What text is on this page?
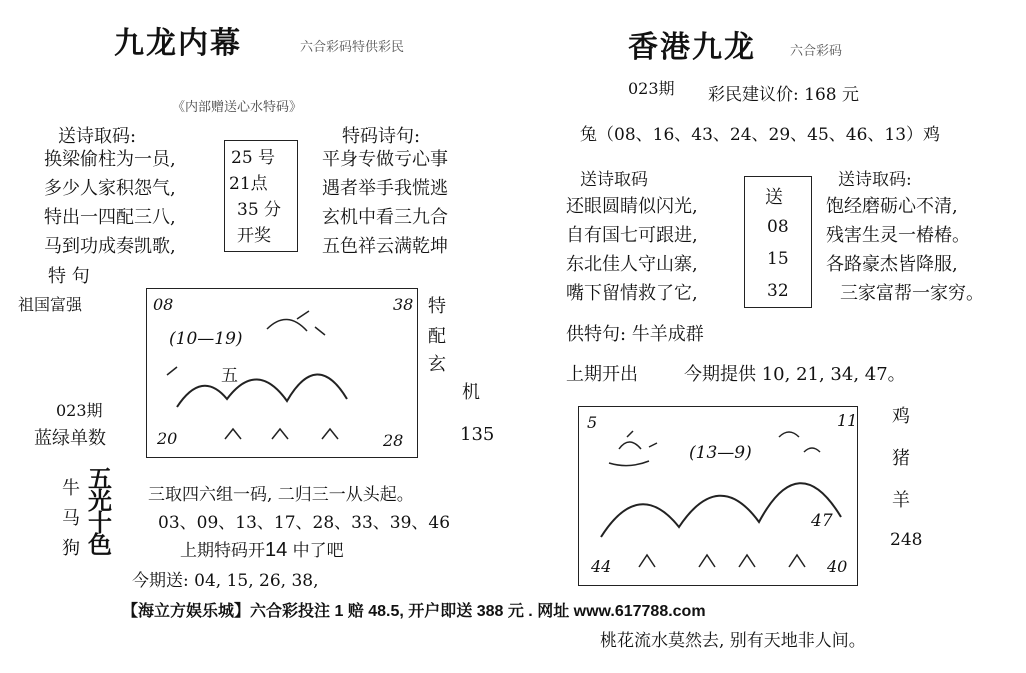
九龙内幕	六合彩码特供彩民
《内部赠送心水特码》
送诗取码:
换梁偷柱为一员,
多少人家积怨气,
特出一四配三八,
马到功成奏凯歌,
特 句
祖国富强
25 号
21点
35 分
开奖
特码诗句:
平身专做亏心事
遇者举手我慌逃
玄机中看三九合
五色祥云满乾坤
08	38
(10—19)
五
20	28
特
配
玄
机
135
023期
蓝绿单数
牛
马
狗
五
光
十
色
三取四六组一码, 二归三一从头起。
03、09、13、17、28、33、39、46
上期特码开14 中了吧
今期送: 04, 15, 26, 38,
香港九龙	六合彩码
023期 彩民建议价: 168 元
兔（08、16、43、24、29、45、46、13）鸡
送诗取码
还眼圆睛似闪光,
自有国七可跟进,
东北佳人守山寨,
嘴下留情救了它,
送
08
15
32
送诗取码:
饱经磨砺心不清,
残害生灵一椿椿。
各路豪杰皆降服,
三家富帮一家穷。
供特句: 牛羊成群
上期开出	今期提供 10, 21, 34, 47。
5	11
(13—9)
47
44	40
鸡
猪
羊
248
【海立方娱乐城】六合彩投注 1 赔 48.5, 开户即送 388 元 . 网址 www.617788.com
桃花流水莫然去, 别有天地非人间。
